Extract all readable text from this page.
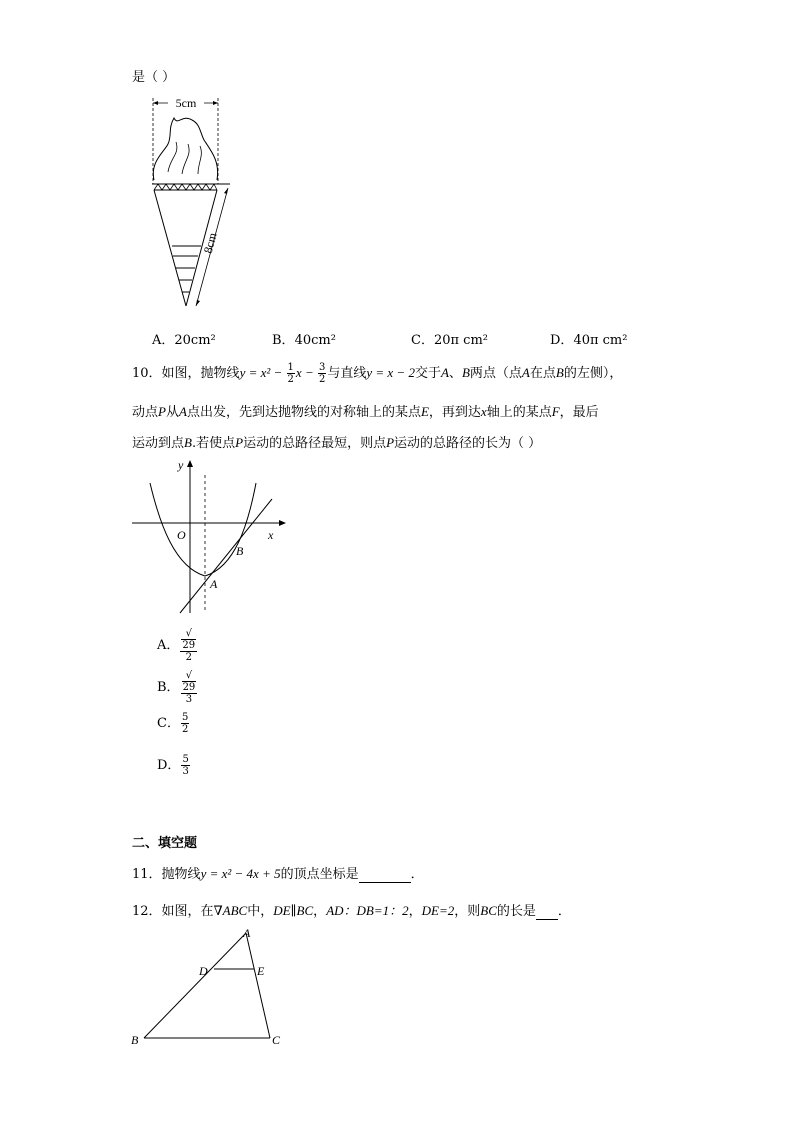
是（ ）
5cm
8cm
A．20cm²	B．40cm²	C．20π cm²	D．40π cm²
10．如图，抛物线$y = x^2 - \frac{1}{2}$ $x - \frac{3}{2}$ 与直线y = x − 2交于A、B两点（点A在点B的左侧），
动点P从A点出发，先到达抛物线的对称轴上的某点E，再到达x轴上的某点F，最后
运动到点B.若使点P运动的总路径最短，则点P运动的总路径的长为（ ）
y
x
O
B
A
A． √
29
2
B． √
29
3
C． $\frac{5}{2}$
D． $\frac{5}{3}$
二、填空题
11．抛物线y = x² − 4x + 5的顶点坐标是	．
12．如图，在∇ABC中，DE∥BC，AD：DB=1：2，DE=2，则BC的长是 ．
A
D	E
B	C
